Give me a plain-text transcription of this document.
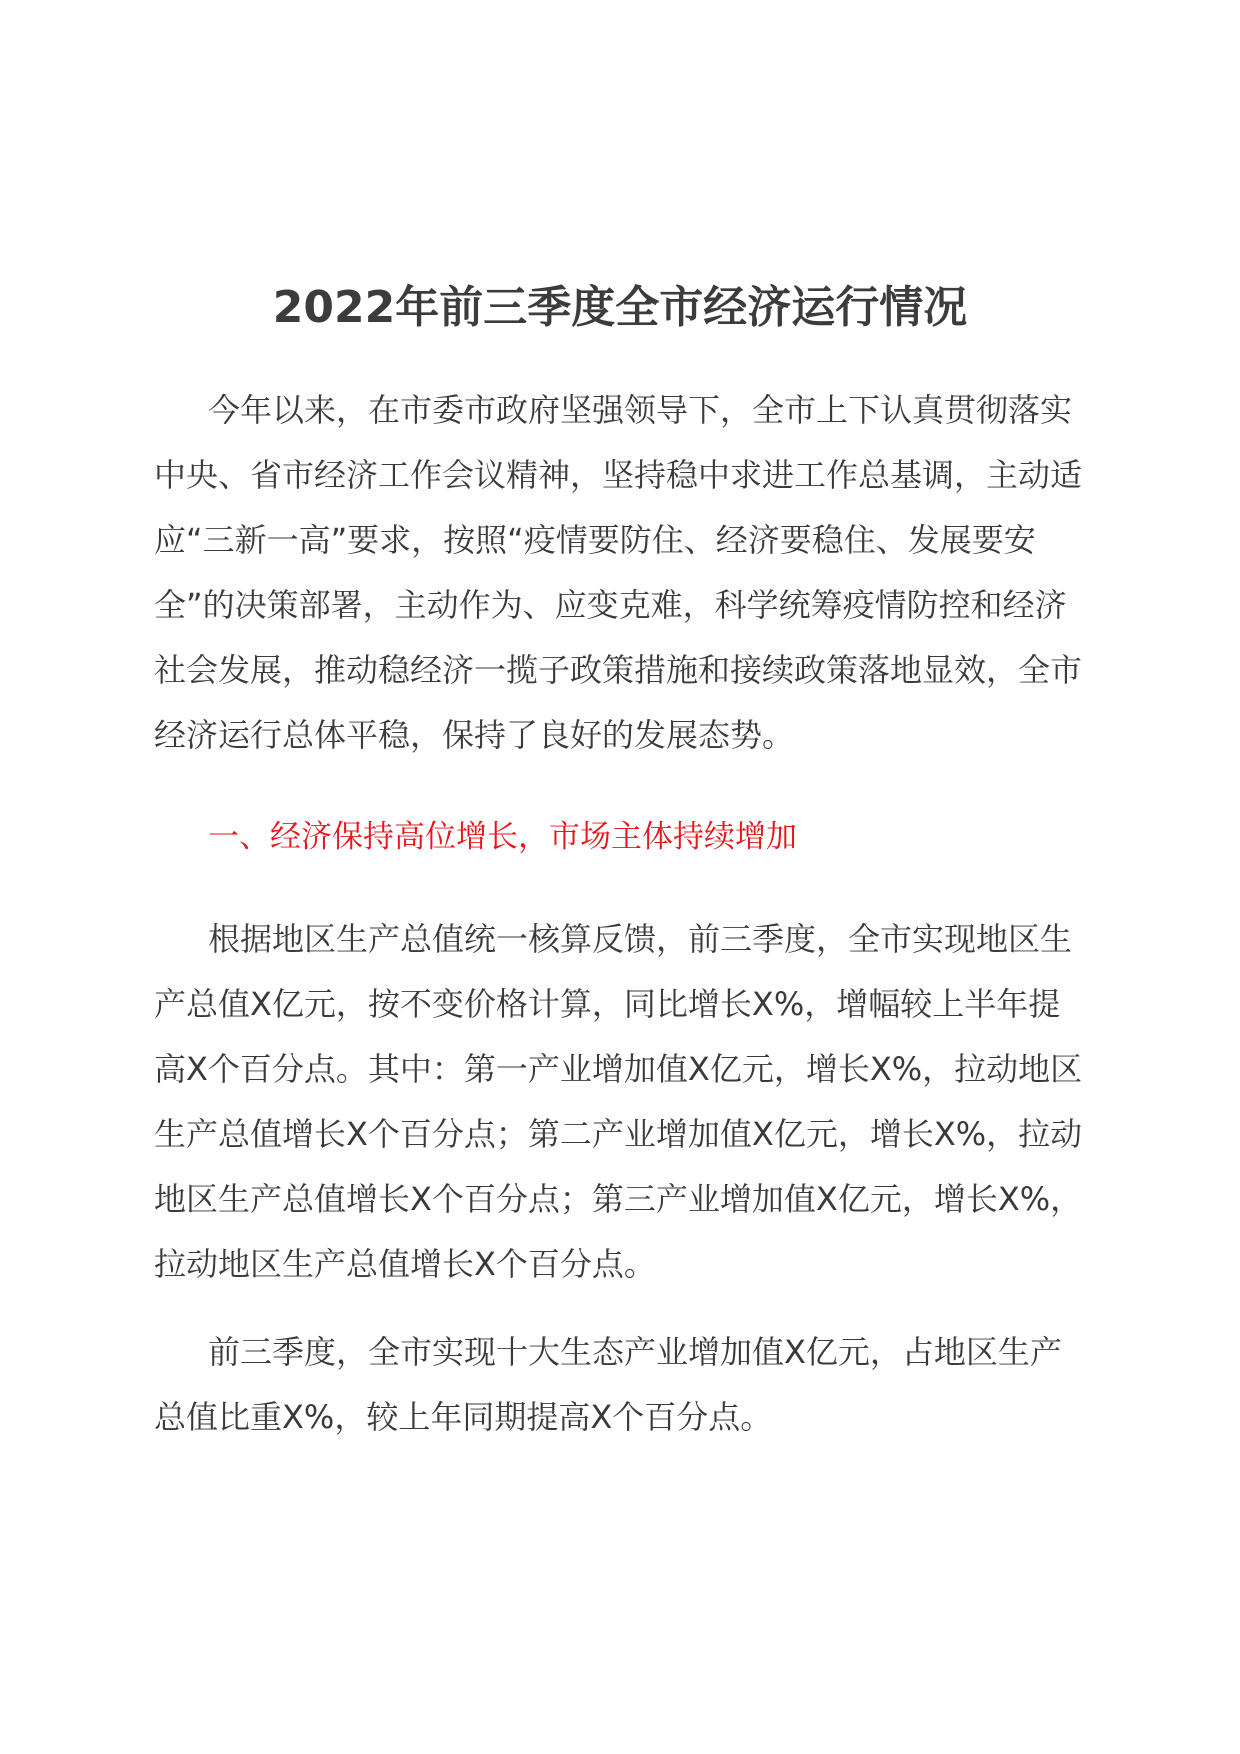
2022年前三季度全市经济运行情况

今年以来，在市委市政府坚强领导下，全市上下认真贯彻落实中央、省市经济工作会议精神，坚持稳中求进工作总基调，主动适应“三新一高”要求，按照“疫情要防住、经济要稳住、发展要安全”的决策部署，主动作为、应变克难，科学统筹疫情防控和经济社会发展，推动稳经济一揽子政策措施和接续政策落地显效，全市经济运行总体平稳，保持了良好的发展态势。

一、经济保持高位增长，市场主体持续增加

根据地区生产总值统一核算反馈，前三季度，全市实现地区生产总值X亿元，按不变价格计算，同比增长X%，增幅较上半年提高X个百分点。其中：第一产业增加值X亿元，增长X%，拉动地区生产总值增长X个百分点；第二产业增加值X亿元，增长X%，拉动地区生产总值增长X个百分点；第三产业增加值X亿元，增长X%，拉动地区生产总值增长X个百分点。

前三季度，全市实现十大生态产业增加值X亿元，占地区生产总值比重X%，较上年同期提高X个百分点。
